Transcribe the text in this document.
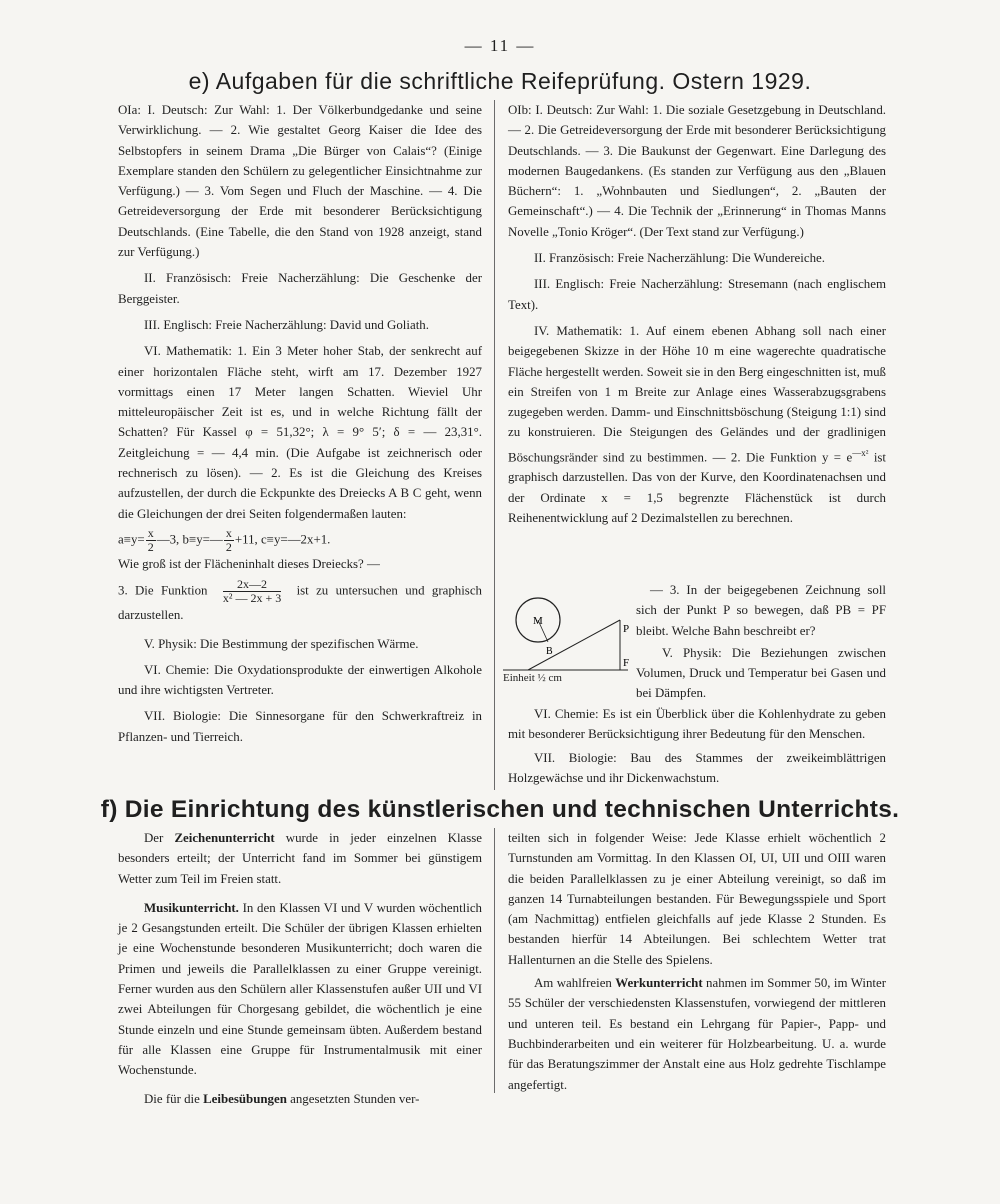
— 11 —
e) Aufgaben für die schriftliche Reifeprüfung. Ostern 1929.

OIa: I. Deutsch: Zur Wahl: 1. Der Völkerbundgedanke und seine Verwirklichung. — 2. Wie gestaltet Georg Kaiser die Idee des Selbstopfers in seinem Drama „Die Bürger von Calais“? (Einige Exemplare standen den Schülern zu gelegentlicher Einsichtnahme zur Verfügung.) — 3. Vom Segen und Fluch der Maschine. — 4. Die Getreideversorgung der Erde mit besonderer Berücksichtigung Deutschlands. (Eine Tabelle, die den Stand von 1928 anzeigt, stand zur Verfügung.)

II. Französisch: Freie Nacherzählung: Die Geschenke der Berggeister.

III. Englisch: Freie Nacherzählung: David und Goliath.

VI. Mathematik: 1. Ein 3 Meter hoher Stab, der senkrecht auf einer horizontalen Fläche steht, wirft am 17. Dezember 1927 vormittags einen 17 Meter langen Schatten. Wieviel Uhr mitteleuropäischer Zeit ist es, und in welche Richtung fällt der Schatten? Für Kassel φ = 51,32°; λ = 9° 5′; δ = — 23,31°. Zeitgleichung = — 4,4 min. (Die Aufgabe ist zeichnerisch oder rechnerisch zu lösen). — 2. Es ist die Gleichung des Kreises aufzustellen, der durch die Eckpunkte des Dreiecks A B C geht, wenn die Gleichungen der drei Seiten folgendermaßen lauten:

$a\equiv y= \frac{x}{2}$ —3, b≡y=— $\frac{x}{2} +11$, c≡y=—2x+1.

Wie groß ist der Flächeninhalt dieses Dreiecks? —

3. Die Funktion $\frac{2x—2}{\text{x² — 2x + 3}}$ ist zu untersuchen und graphisch darzustellen.

V. Physik: Die Bestimmung der spezifischen Wärme.

VI. Chemie: Die Oxydationsprodukte der einwertigen Alkohole und ihre wichtigsten Vertreter.

VII. Biologie: Die Sinnesorgane für den Schwerkraftreiz in Pflanzen- und Tierreich.

OIb: I. Deutsch: Zur Wahl: 1. Die soziale Gesetzgebung in Deutschland. — 2. Die Getreideversorgung der Erde mit besonderer Berücksichtigung Deutschlands. — 3. Die Baukunst der Gegenwart. Eine Darlegung des modernen Baugedankens. (Es standen zur Verfügung aus den „Blauen Büchern“: 1. „Wohnbauten und Siedlungen“, 2. „Bauten der Gemeinschaft“.) — 4. Die Technik der „Erinnerung“ in Thomas Manns Novelle „Tonio Kröger“. (Der Text stand zur Verfügung.)

II. Französisch: Freie Nacherzählung: Die Wundereiche.

III. Englisch: Freie Nacherzählung: Stresemann (nach englischem Text).

IV. Mathematik: 1. Auf einem ebenen Abhang soll nach einer beigegebenen Skizze in der Höhe 10 m eine wagerechte quadratische Fläche hergestellt werden. Soweit sie in den Berg eingeschnitten ist, muß ein Streifen von 1 m Breite zur Anlage eines Wasserabzugsgrabens zugegeben werden. Damm- und Einschnittsböschung (Steigung 1:1) sind zu konstruieren. Die Steigungen des Geländes und der gradlinigen Böschungsränder sind zu bestimmen. — 2. Die Funktion $y = e^{—x^2}$ ist graphisch darzustellen. Das von der Kurve, den Koordinatenachsen und der Ordinate x = 1,5 begrenzte Flächenstück ist durch Reihenentwicklung auf 2 Dezimalstellen zu berechnen.

M
P
B
F
Einheit ½ cm

— 3. In der beigegebenen Zeichnung soll sich der Punkt P so bewegen, daß PB = PF bleibt. Welche Bahn beschreibt er?

V. Physik: Die Beziehungen zwischen Volumen, Druck und Temperatur bei Gasen und bei Dämpfen.

VI. Chemie: Es ist ein Überblick über die Kohlenhydrate zu geben mit besonderer Berücksichtigung ihrer Bedeutung für den Menschen.

VII. Biologie: Bau des Stammes der zweikeimblättrigen Holzgewächse und ihr Dickenwachstum.

f) Die Einrichtung des künstlerischen und technischen Unterrichts.

Der Zeichenunterricht wurde in jeder einzelnen Klasse besonders erteilt; der Unterricht fand im Sommer bei günstigem Wetter zum Teil im Freien statt.

Musikunterricht. In den Klassen VI und V wurden wöchentlich je 2 Gesangstunden erteilt. Die Schüler der übrigen Klassen erhielten je eine Wochenstunde besonderen Musikunterricht; doch waren die Primen und jeweils die Parallelklassen zu einer Gruppe vereinigt. Ferner wurden aus den Schülern aller Klassenstufen außer UII und VI zwei Abteilungen für Chorgesang gebildet, die wöchentlich je eine Stunde einzeln und eine Stunde gemeinsam übten. Außerdem bestand für alle Klassen eine Gruppe für Instrumentalmusik mit einer Wochenstunde.

Die für die Leibesübungen angesetzten Stunden ver-

teilten sich in folgender Weise: Jede Klasse erhielt wöchentlich 2 Turnstunden am Vormittag. In den Klassen OI, UI, UII und OIII waren die beiden Parallelklassen zu je einer Abteilung vereinigt, so daß im ganzen 14 Turnabteilungen bestanden. Für Bewegungsspiele und Sport (am Nachmittag) entfielen gleichfalls auf jede Klasse 2 Stunden. Es bestanden hierfür 14 Abteilungen. Bei schlechtem Wetter trat Hallenturnen an die Stelle des Spielens.

Am wahlfreien Werkunterricht nahmen im Sommer 50, im Winter 55 Schüler der verschiedensten Klassenstufen, vorwiegend der mittleren und unteren teil. Es bestand ein Lehrgang für Papier-, Papp- und Buchbinderarbeiten und ein weiterer für Holzbearbeitung. U. a. wurde für das Beratungszimmer der Anstalt eine aus Holz gedrehte Tischlampe angefertigt.
